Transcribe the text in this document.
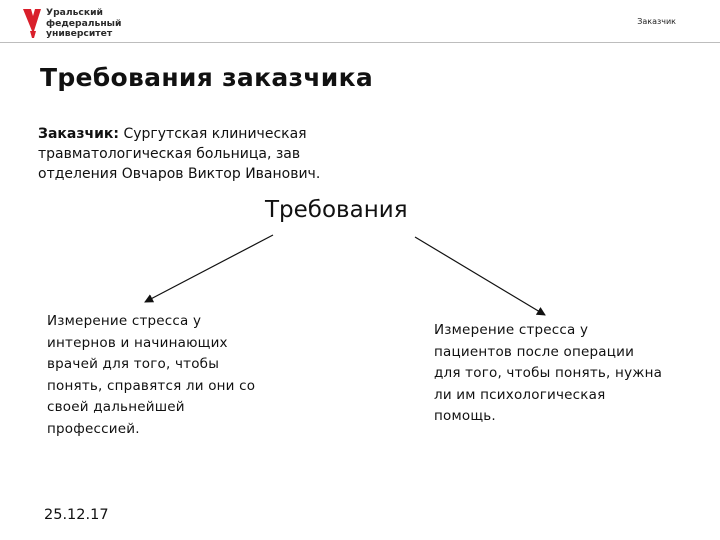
Уральский
федеральный
университет
Заказчик
Требования заказчика
Заказчик: Сургутская клиническая травматологическая больница, зав отделения Овчаров Виктор Иванович.
Требования
Измерение стресса у интернов и начинающих врачей для того, чтобы понять, справятся ли они со своей дальнейшей профессией.
Измерение стресса у пациентов после операции для того, чтобы понять, нужна ли им психологическая помощь.
25.12.17
